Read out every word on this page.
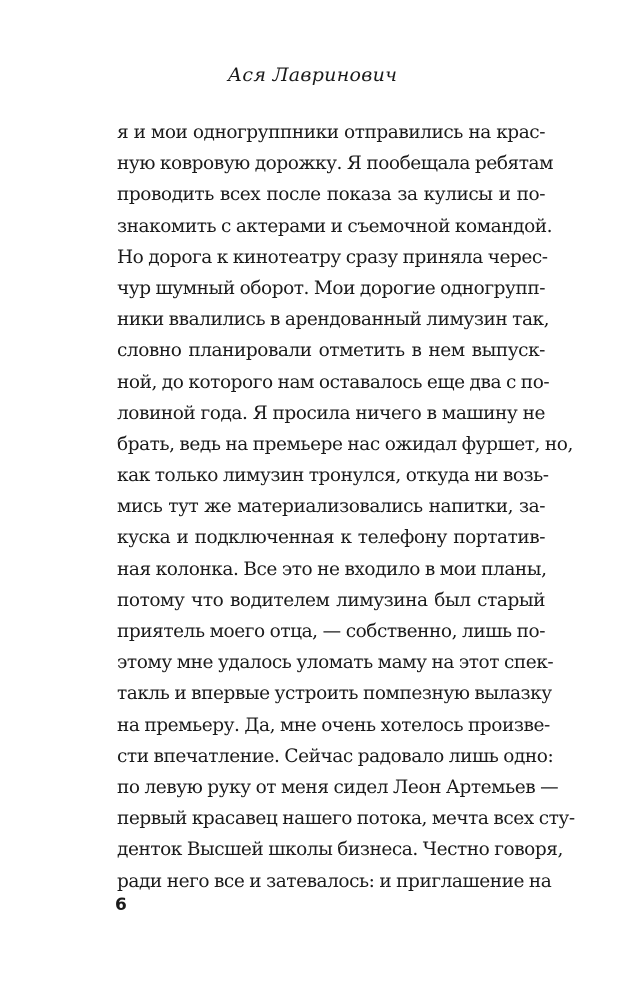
Ася Лавринович
я и мои одногруппники отправились на крас-
ную ковровую дорожку. Я пообещала ребятам
проводить всех после показа за кулисы и по-
знакомить с актерами и съемочной командой.
Но дорога к кинотеатру сразу приняла черес-
чур шумный оборот. Мои дорогие одногрупп-
ники ввалились в арендованный лимузин так,
словно планировали отметить в нем выпуск-
ной, до которого нам оставалось еще два с по-
ловиной года. Я просила ничего в машину не
брать, ведь на премьере нас ожидал фуршет, но,
как только лимузин тронулся, откуда ни возь-
мись тут же материализовались напитки, за-
куска и подключенная к телефону портатив-
ная колонка. Все это не входило в мои планы,
потому что водителем лимузина был старый
приятель моего отца, — собственно, лишь по-
этому мне удалось уломать маму на этот спек-
такль и впервые устроить помпезную вылазку
на премьеру. Да, мне очень хотелось произве-
сти впечатление. Сейчас радовало лишь одно:
по левую руку от меня сидел Леон Артемьев —
первый красавец нашего потока, мечта всех сту-
денток Высшей школы бизнеса. Честно говоря,
ради него все и затевалось: и приглашение на
6
